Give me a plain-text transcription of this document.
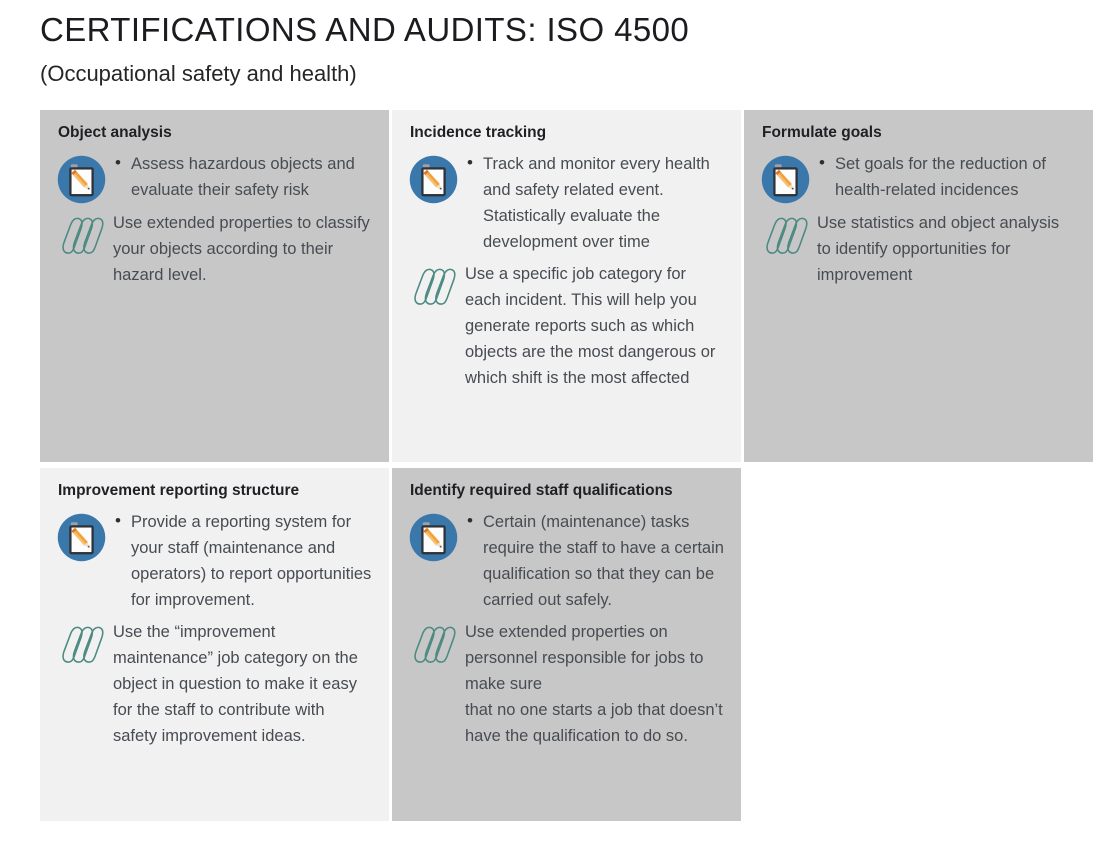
CERTIFICATIONS AND AUDITS: ISO 4500
(Occupational safety and health)
Object analysis
• Assess hazardous objects and evaluate their safety risk

Use extended properties to classify your objects according to their hazard level.

Incidence tracking
• Track and monitor every health and safety related event. Statistically evaluate the development over time

Use a specific job category for each incident. This will help you generate reports such as which objects are the most dangerous or which shift is the most affected

Formulate goals
• Set goals for the reduction of health-related incidences

Use statistics and object analysis to identify opportunities for improvement

Improvement reporting structure
• Provide a reporting system for your staff (maintenance and operators) to report opportunities for improvement.

Use the “improvement maintenance” job category on the object in question to make it easy for the staff to contribute with safety improvement ideas.

Identify required staff qualifications
• Certain (maintenance) tasks require the staff to have a certain qualification so that they can be
carried out safely.

Use extended properties on personnel responsible for jobs to make sure
that no one starts a job that doesn’t have the qualification to do so.
